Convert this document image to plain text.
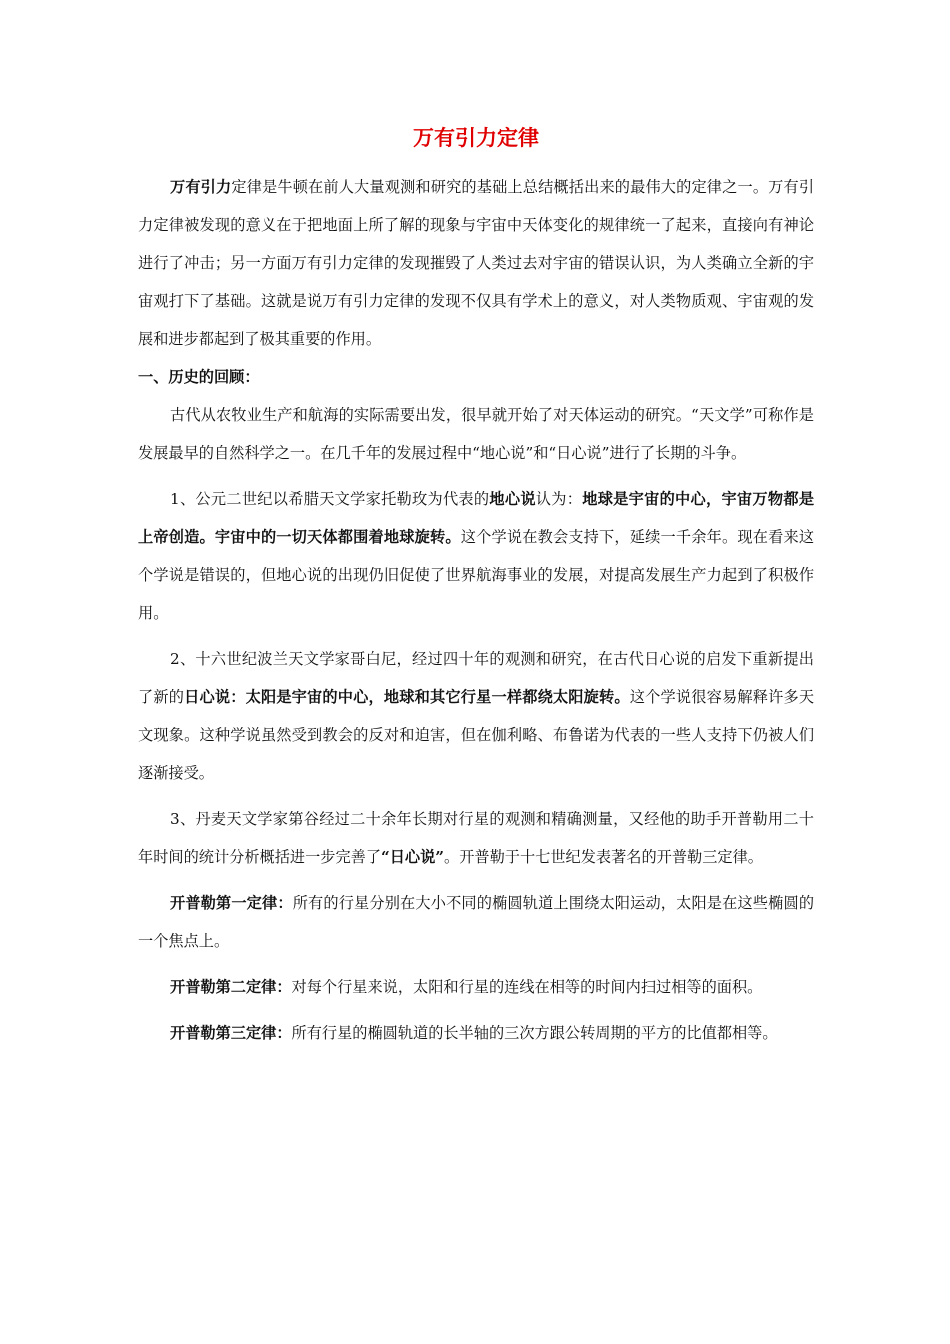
万有引力定律

万有引力定律是牛顿在前人大量观测和研究的基础上总结概括出来的最伟大的定律之一。万有引力定律被发现的意义在于把地面上所了解的现象与宇宙中天体变化的规律统一了起来，直接向有神论进行了冲击；另一方面万有引力定律的发现摧毁了人类过去对宇宙的错误认识，为人类确立全新的宇宙观打下了基础。这就是说万有引力定律的发现不仅具有学术上的意义，对人类物质观、宇宙观的发展和进步都起到了极其重要的作用。

一、历史的回顾：

古代从农牧业生产和航海的实际需要出发，很早就开始了对天体运动的研究。“天文学”可称作是发展最早的自然科学之一。在几千年的发展过程中“地心说”和“日心说”进行了长期的斗争。

1、公元二世纪以希腊天文学家托勒玫为代表的地心说认为：地球是宇宙的中心，宇宙万物都是上帝创造。宇宙中的一切天体都围着地球旋转。这个学说在教会支持下，延续一千余年。现在看来这个学说是错误的，但地心说的出现仍旧促使了世界航海事业的发展，对提高发展生产力起到了积极作用。

2、十六世纪波兰天文学家哥白尼，经过四十年的观测和研究，在古代日心说的启发下重新提出了新的日心说：太阳是宇宙的中心，地球和其它行星一样都绕太阳旋转。这个学说很容易解释许多天文现象。这种学说虽然受到教会的反对和迫害，但在伽利略、布鲁诺为代表的一些人支持下仍被人们逐渐接受。

3、丹麦天文学家第谷经过二十余年长期对行星的观测和精确测量，又经他的助手开普勒用二十年时间的统计分析概括进一步完善了“日心说”。开普勒于十七世纪发表著名的开普勒三定律。

开普勒第一定律：所有的行星分别在大小不同的椭圆轨道上围绕太阳运动，太阳是在这些椭圆的一个焦点上。

开普勒第二定律：对每个行星来说，太阳和行星的连线在相等的时间内扫过相等的面积。

开普勒第三定律：所有行星的椭圆轨道的长半轴的三次方跟公转周期的平方的比值都相等。
